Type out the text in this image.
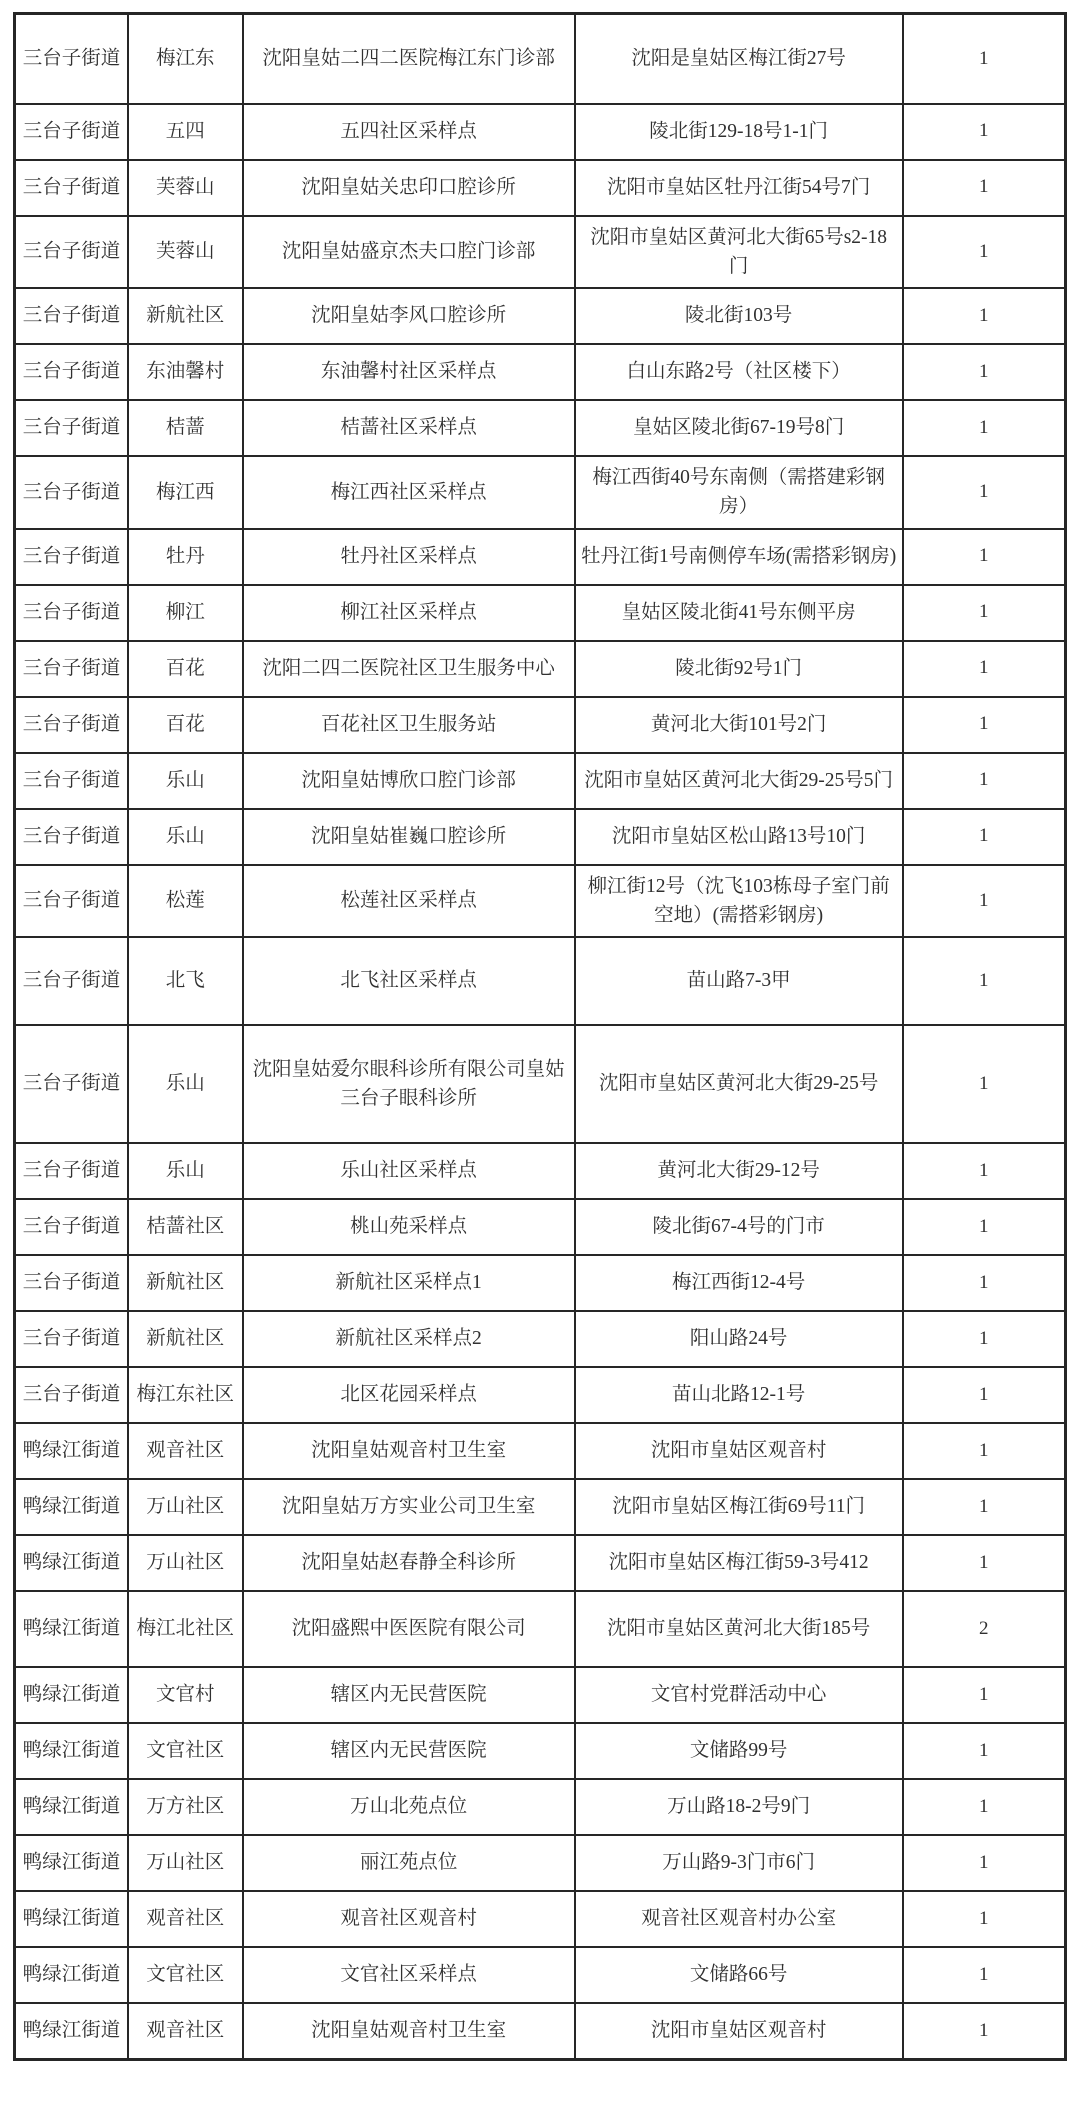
三台子街道	梅江东	沈阳皇姑二四二医院梅江东门诊部	沈阳是皇姑区梅江街27号	1
三台子街道	五四	五四社区采样点	陵北街129-18号1-1门	1
三台子街道	芙蓉山	沈阳皇姑关忠印口腔诊所	沈阳市皇姑区牡丹江街54号7门	1
三台子街道	芙蓉山	沈阳皇姑盛京杰夫口腔门诊部	沈阳市皇姑区黄河北大街65号s2-18门	1
三台子街道	新航社区	沈阳皇姑李风口腔诊所	陵北街103号	1
三台子街道	东油馨村	东油馨村社区采样点	白山东路2号（社区楼下）	1
三台子街道	桔蔷	桔蔷社区采样点	皇姑区陵北街67-19号8门	1
三台子街道	梅江西	梅江西社区采样点	梅江西街40号东南侧（需搭建彩钢房）	1
三台子街道	牡丹	牡丹社区采样点	牡丹江街1号南侧停车场(需搭彩钢房)	1
三台子街道	柳江	柳江社区采样点	皇姑区陵北街41号东侧平房	1
三台子街道	百花	沈阳二四二医院社区卫生服务中心	陵北街92号1门	1
三台子街道	百花	百花社区卫生服务站	黄河北大街101号2门	1
三台子街道	乐山	沈阳皇姑博欣口腔门诊部	沈阳市皇姑区黄河北大街29-25号5门	1
三台子街道	乐山	沈阳皇姑崔巍口腔诊所	沈阳市皇姑区松山路13号10门	1
三台子街道	松莲	松莲社区采样点	柳江街12号（沈飞103栋母子室门前空地）(需搭彩钢房)	1
三台子街道	北飞	北飞社区采样点	苗山路7-3甲	1
三台子街道	乐山	沈阳皇姑爱尔眼科诊所有限公司皇姑三台子眼科诊所	沈阳市皇姑区黄河北大街29-25号	1
三台子街道	乐山	乐山社区采样点	黄河北大街29-12号	1
三台子街道	桔蔷社区	桃山苑采样点	陵北街67-4号的门市	1
三台子街道	新航社区	新航社区采样点1	梅江西街12-4号	1
三台子街道	新航社区	新航社区采样点2	阳山路24号	1
三台子街道	梅江东社区	北区花园采样点	苗山北路12-1号	1
鸭绿江街道	观音社区	沈阳皇姑观音村卫生室	沈阳市皇姑区观音村	1
鸭绿江街道	万山社区	沈阳皇姑万方实业公司卫生室	沈阳市皇姑区梅江街69号11门	1
鸭绿江街道	万山社区	沈阳皇姑赵春静全科诊所	沈阳市皇姑区梅江街59-3号412	1
鸭绿江街道	梅江北社区	沈阳盛熙中医医院有限公司	沈阳市皇姑区黄河北大街185号	2
鸭绿江街道	文官村	辖区内无民营医院	文官村党群活动中心	1
鸭绿江街道	文官社区	辖区内无民营医院	文储路99号	1
鸭绿江街道	万方社区	万山北苑点位	万山路18-2号9门	1
鸭绿江街道	万山社区	丽江苑点位	万山路9-3门市6门	1
鸭绿江街道	观音社区	观音社区观音村	观音社区观音村办公室	1
鸭绿江街道	文官社区	文官社区采样点	文储路66号	1
鸭绿江街道	观音社区	沈阳皇姑观音村卫生室	沈阳市皇姑区观音村	1
